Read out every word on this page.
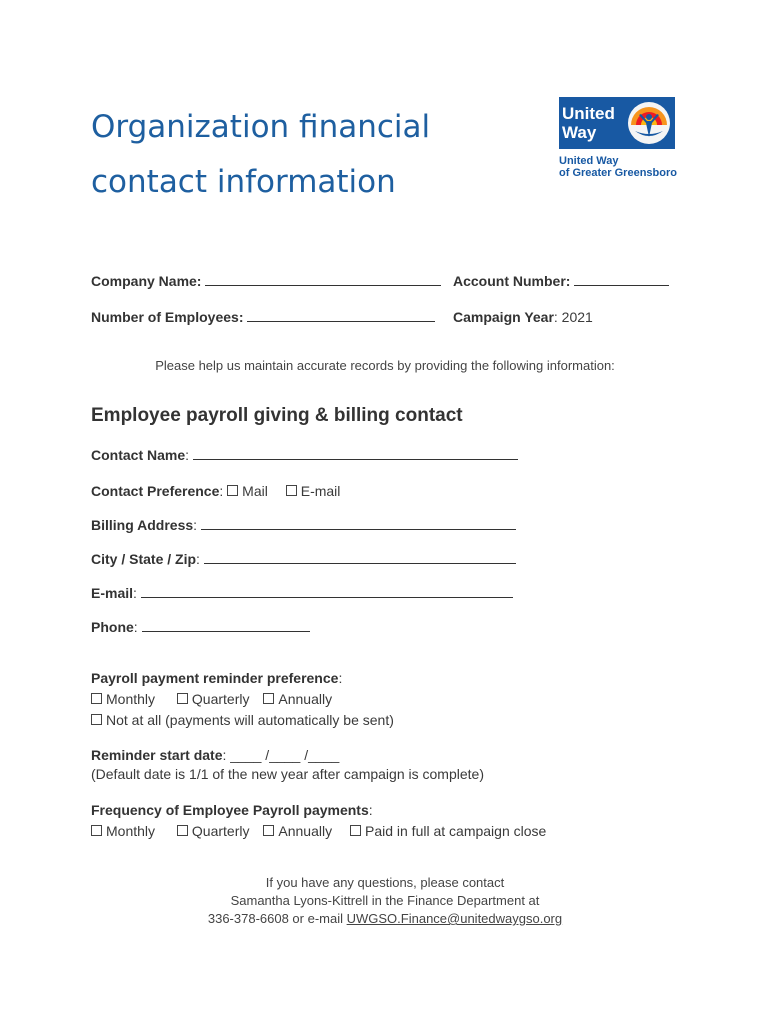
Organization financial contact information
United
Way
United Way
of Greater Greensboro
Company Name:	Account Number:
Number of Employees:	Campaign Year: 2021
Please help us maintain accurate records by providing the following information:
Employee payroll giving & billing contact
Contact Name:
Contact Preference: Mail E-mail
Billing Address:
City / State / Zip:
E-mail:
Phone:
Payroll payment reminder preference:
Monthly	Quarterly Annually
Not at all (payments will automatically be sent)
Reminder start date: ____ /____ /____
(Default date is 1/1 of the new year after campaign is complete)
Frequency of Employee Payroll payments:
Monthly	Quarterly Annually Paid in full at campaign close
If you have any questions, please contact
Samantha Lyons-Kittrell in the Finance Department at
336-378-6608 or e-mail UWGSO.Finance@unitedwaygso.org
